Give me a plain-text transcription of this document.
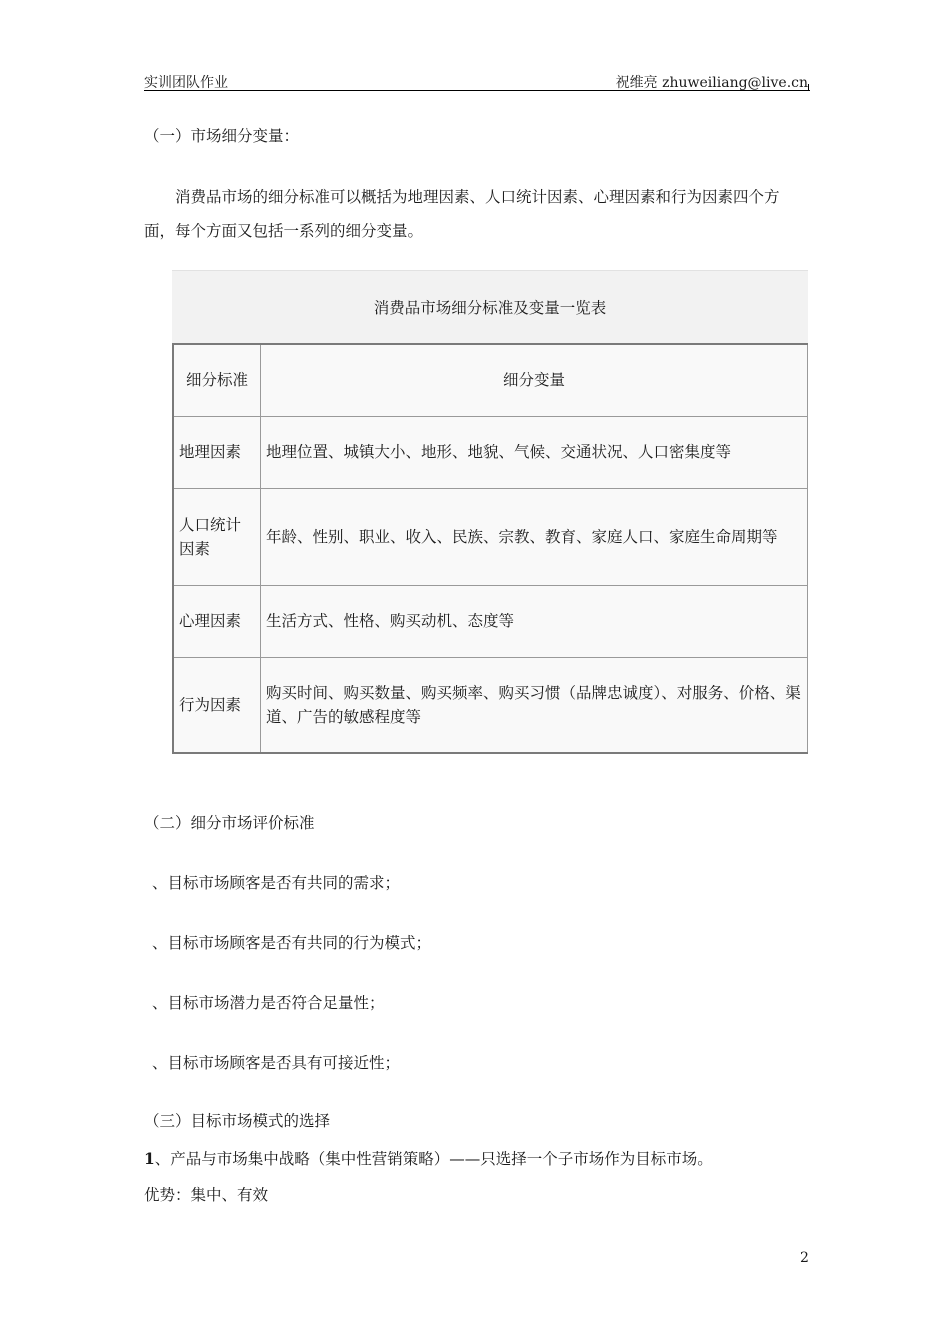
实训团队作业	祝维亮 zhuweiliang@live.cn
（一）市场细分变量：
消费品市场的细分标准可以概括为地理因素、人口统计因素、心理因素和行为因素四个方面，每个方面又包括一系列的细分变量。
消费品市场细分标准及变量一览表
细分标准	细分变量
地理因素	地理位置、城镇大小、地形、地貌、气候、交通状况、人口密集度等
人口统计因素	年龄、性别、职业、收入、民族、宗教、教育、家庭人口、家庭生命周期等
心理因素	生活方式、性格、购买动机、态度等
行为因素	购买时间、购买数量、购买频率、购买习惯（品牌忠诚度）、对服务、价格、渠道、广告的敏感程度等
（二）细分市场评价标准
、目标市场顾客是否有共同的需求；
、目标市场顾客是否有共同的行为模式；
、目标市场潜力是否符合足量性；
、目标市场顾客是否具有可接近性；
（三）目标市场模式的选择
1、产品与市场集中战略（集中性营销策略）——只选择一个子市场作为目标市场。
优势：集中、有效
2
